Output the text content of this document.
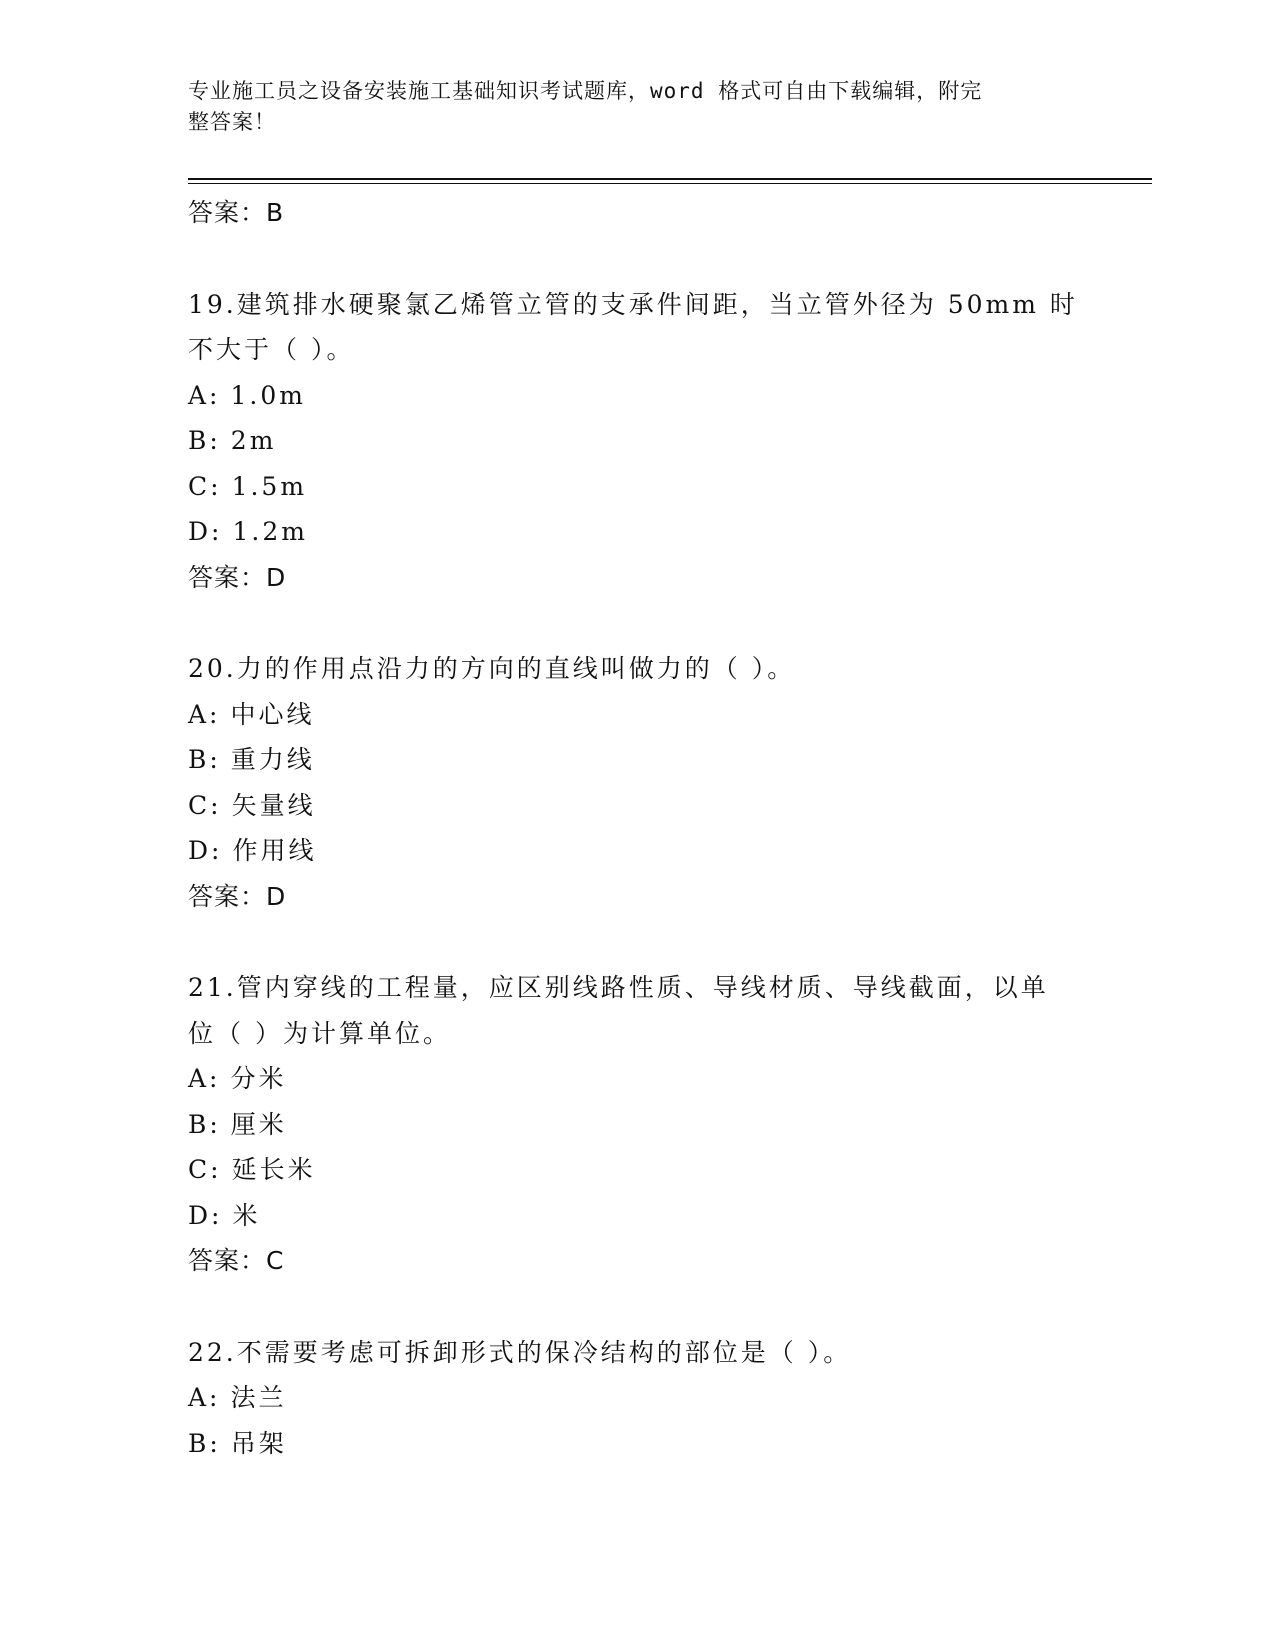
专业施工员之设备安装施工基础知识考试题库，word 格式可自由下载编辑，附完
整答案！
答案：B
19.建筑排水硬聚氯乙烯管立管的支承件间距，当立管外径为 50mm 时
不大于（ ）。
A: 1.0m
B: 2m
C: 1.5m
D: 1.2m
答案：D
20.力的作用点沿力的方向的直线叫做力的（ ）。
A: 中心线
B: 重力线
C: 矢量线
D: 作用线
答案：D
21.管内穿线的工程量，应区别线路性质、导线材质、导线截面，以单
位（ ）为计算单位。
A: 分米
B: 厘米
C: 延长米
D: 米
答案：C
22.不需要考虑可拆卸形式的保冷结构的部位是（ ）。
A: 法兰
B: 吊架
